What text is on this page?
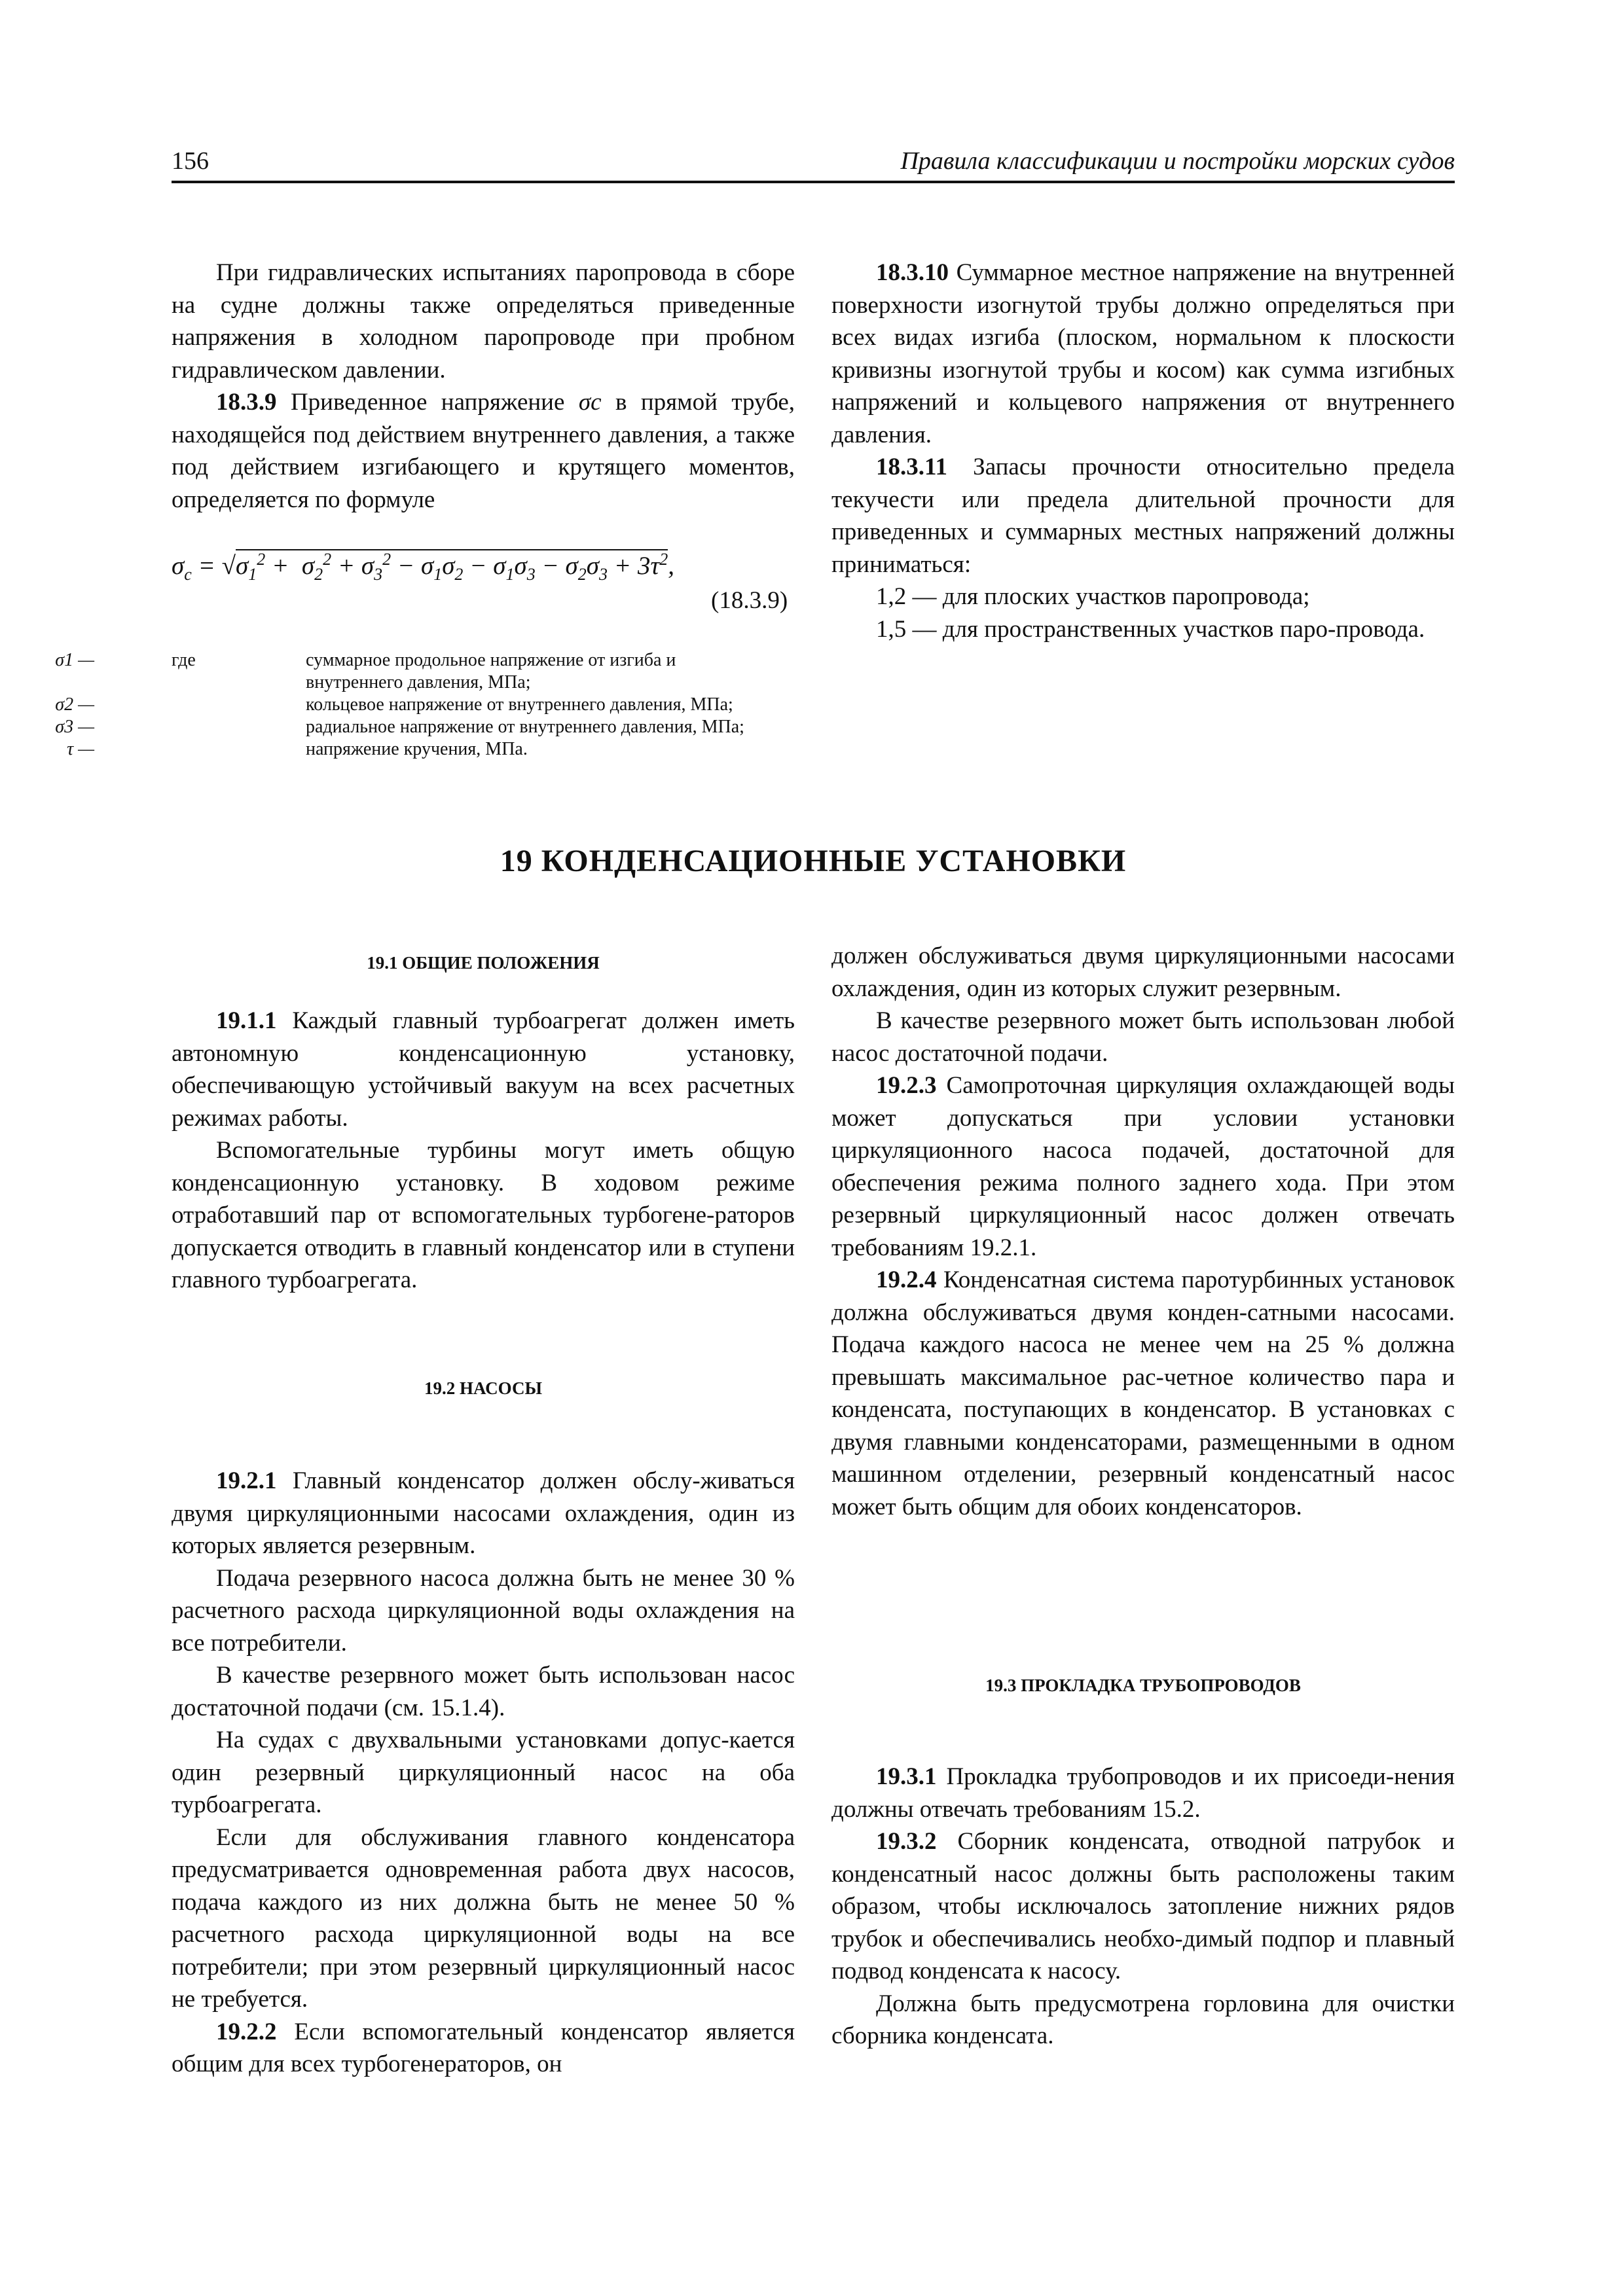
156	Правила классификации и постройки морских судов

При гидравлических испытаниях паропровода в сборе на судне должны также определяться приведенные напряжения в холодном паропроводе при пробном гидравлическом давлении.

18.3.9 Приведенное напряжение σc в прямой трубе, находящейся под действием внутреннего давления, а также под действием изгибающего и крутящего моментов, определяется по формуле

$\sigma_c = √\sigma_1^2 + \sigma_2^2 + \sigma_3^2 - \sigma_1\sigma_2 - \sigma_1\sigma_3 - \sigma_2\sigma_3 + 3\tau^2$,
(18.3.9)
где
σ1 —	суммарное продольное напряжение от изгиба и
внутреннего давления, МПа;
σ2 —	кольцевое напряжение от внутреннего давления, МПа;
σ3 —	радиальное напряжение от внутреннего давления, МПа;
τ —	напряжение кручения, МПа.

18.3.10 Суммарное местное напряжение на внутренней поверхности изогнутой трубы должно определяться при всех видах изгиба (плоском, нормальном к плоскости кривизны изогнутой трубы и косом) как сумма изгибных напряжений и кольцевого напряжения от внутреннего давления.

18.3.11 Запасы прочности относительно предела текучести или предела длительной прочности для приведенных и суммарных местных напряжений должны приниматься:

1,2 — для плоских участков паропровода;

1,5 — для пространственных участков паро-провода.

19 КОНДЕНСАЦИОННЫЕ УСТАНОВКИ
19.1 ОБЩИЕ ПОЛОЖЕНИЯ

19.1.1 Каждый главный турбоагрегат должен иметь автономную конденсационную установку, обеспечивающую устойчивый вакуум на всех расчетных режимах работы.

Вспомогательные турбины могут иметь общую конденсационную установку. В ходовом режиме отработавший пар от вспомогательных турбогене-раторов допускается отводить в главный конденсатор или в ступени главного турбоагрегата.

19.2 НАСОСЫ

19.2.1 Главный конденсатор должен обслу-живаться двумя циркуляционными насосами охлаждения, один из которых является резервным.

Подача резервного насоса должна быть не менее 30 % расчетного расхода циркуляционной воды охлаждения на все потребители.

В качестве резервного может быть использован насос достаточной подачи (см. 15.1.4).

На судах с двухвальными установками допус-кается один резервный циркуляционный насос на оба турбоагрегата.

Если для обслуживания главного конденсатора предусматривается одновременная работа двух насосов, подача каждого из них должна быть не менее 50 % расчетного расхода циркуляционной воды на все потребители; при этом резервный циркуляционный насос не требуется.

19.2.2 Если вспомогательный конденсатор является общим для всех турбогенераторов, он

должен обслуживаться двумя циркуляционными насосами охлаждения, один из которых служит резервным.

В качестве резервного может быть использован любой насос достаточной подачи.

19.2.3 Самопроточная циркуляция охлаждающей воды может допускаться при условии установки циркуляционного насоса подачей, достаточной для обеспечения режима полного заднего хода. При этом резервный циркуляционный насос должен отвечать требованиям 19.2.1.

19.2.4 Конденсатная система паротурбинных установок должна обслуживаться двумя конден-сатными насосами. Подача каждого насоса не менее чем на 25 % должна превышать максимальное рас-четное количество пара и конденсата, поступающих в конденсатор. В установках с двумя главными конденсаторами, размещенными в одном машинном отделении, резервный конденсатный насос может быть общим для обоих конденсаторов.

19.3 ПРОКЛАДКА ТРУБОПРОВОДОВ

19.3.1 Прокладка трубопроводов и их присоеди-нения должны отвечать требованиям 15.2.

19.3.2 Сборник конденсата, отводной патрубок и конденсатный насос должны быть расположены таким образом, чтобы исключалось затопление нижних рядов трубок и обеспечивались необхо-димый подпор и плавный подвод конденсата к насосу.

Должна быть предусмотрена горловина для очистки сборника конденсата.
